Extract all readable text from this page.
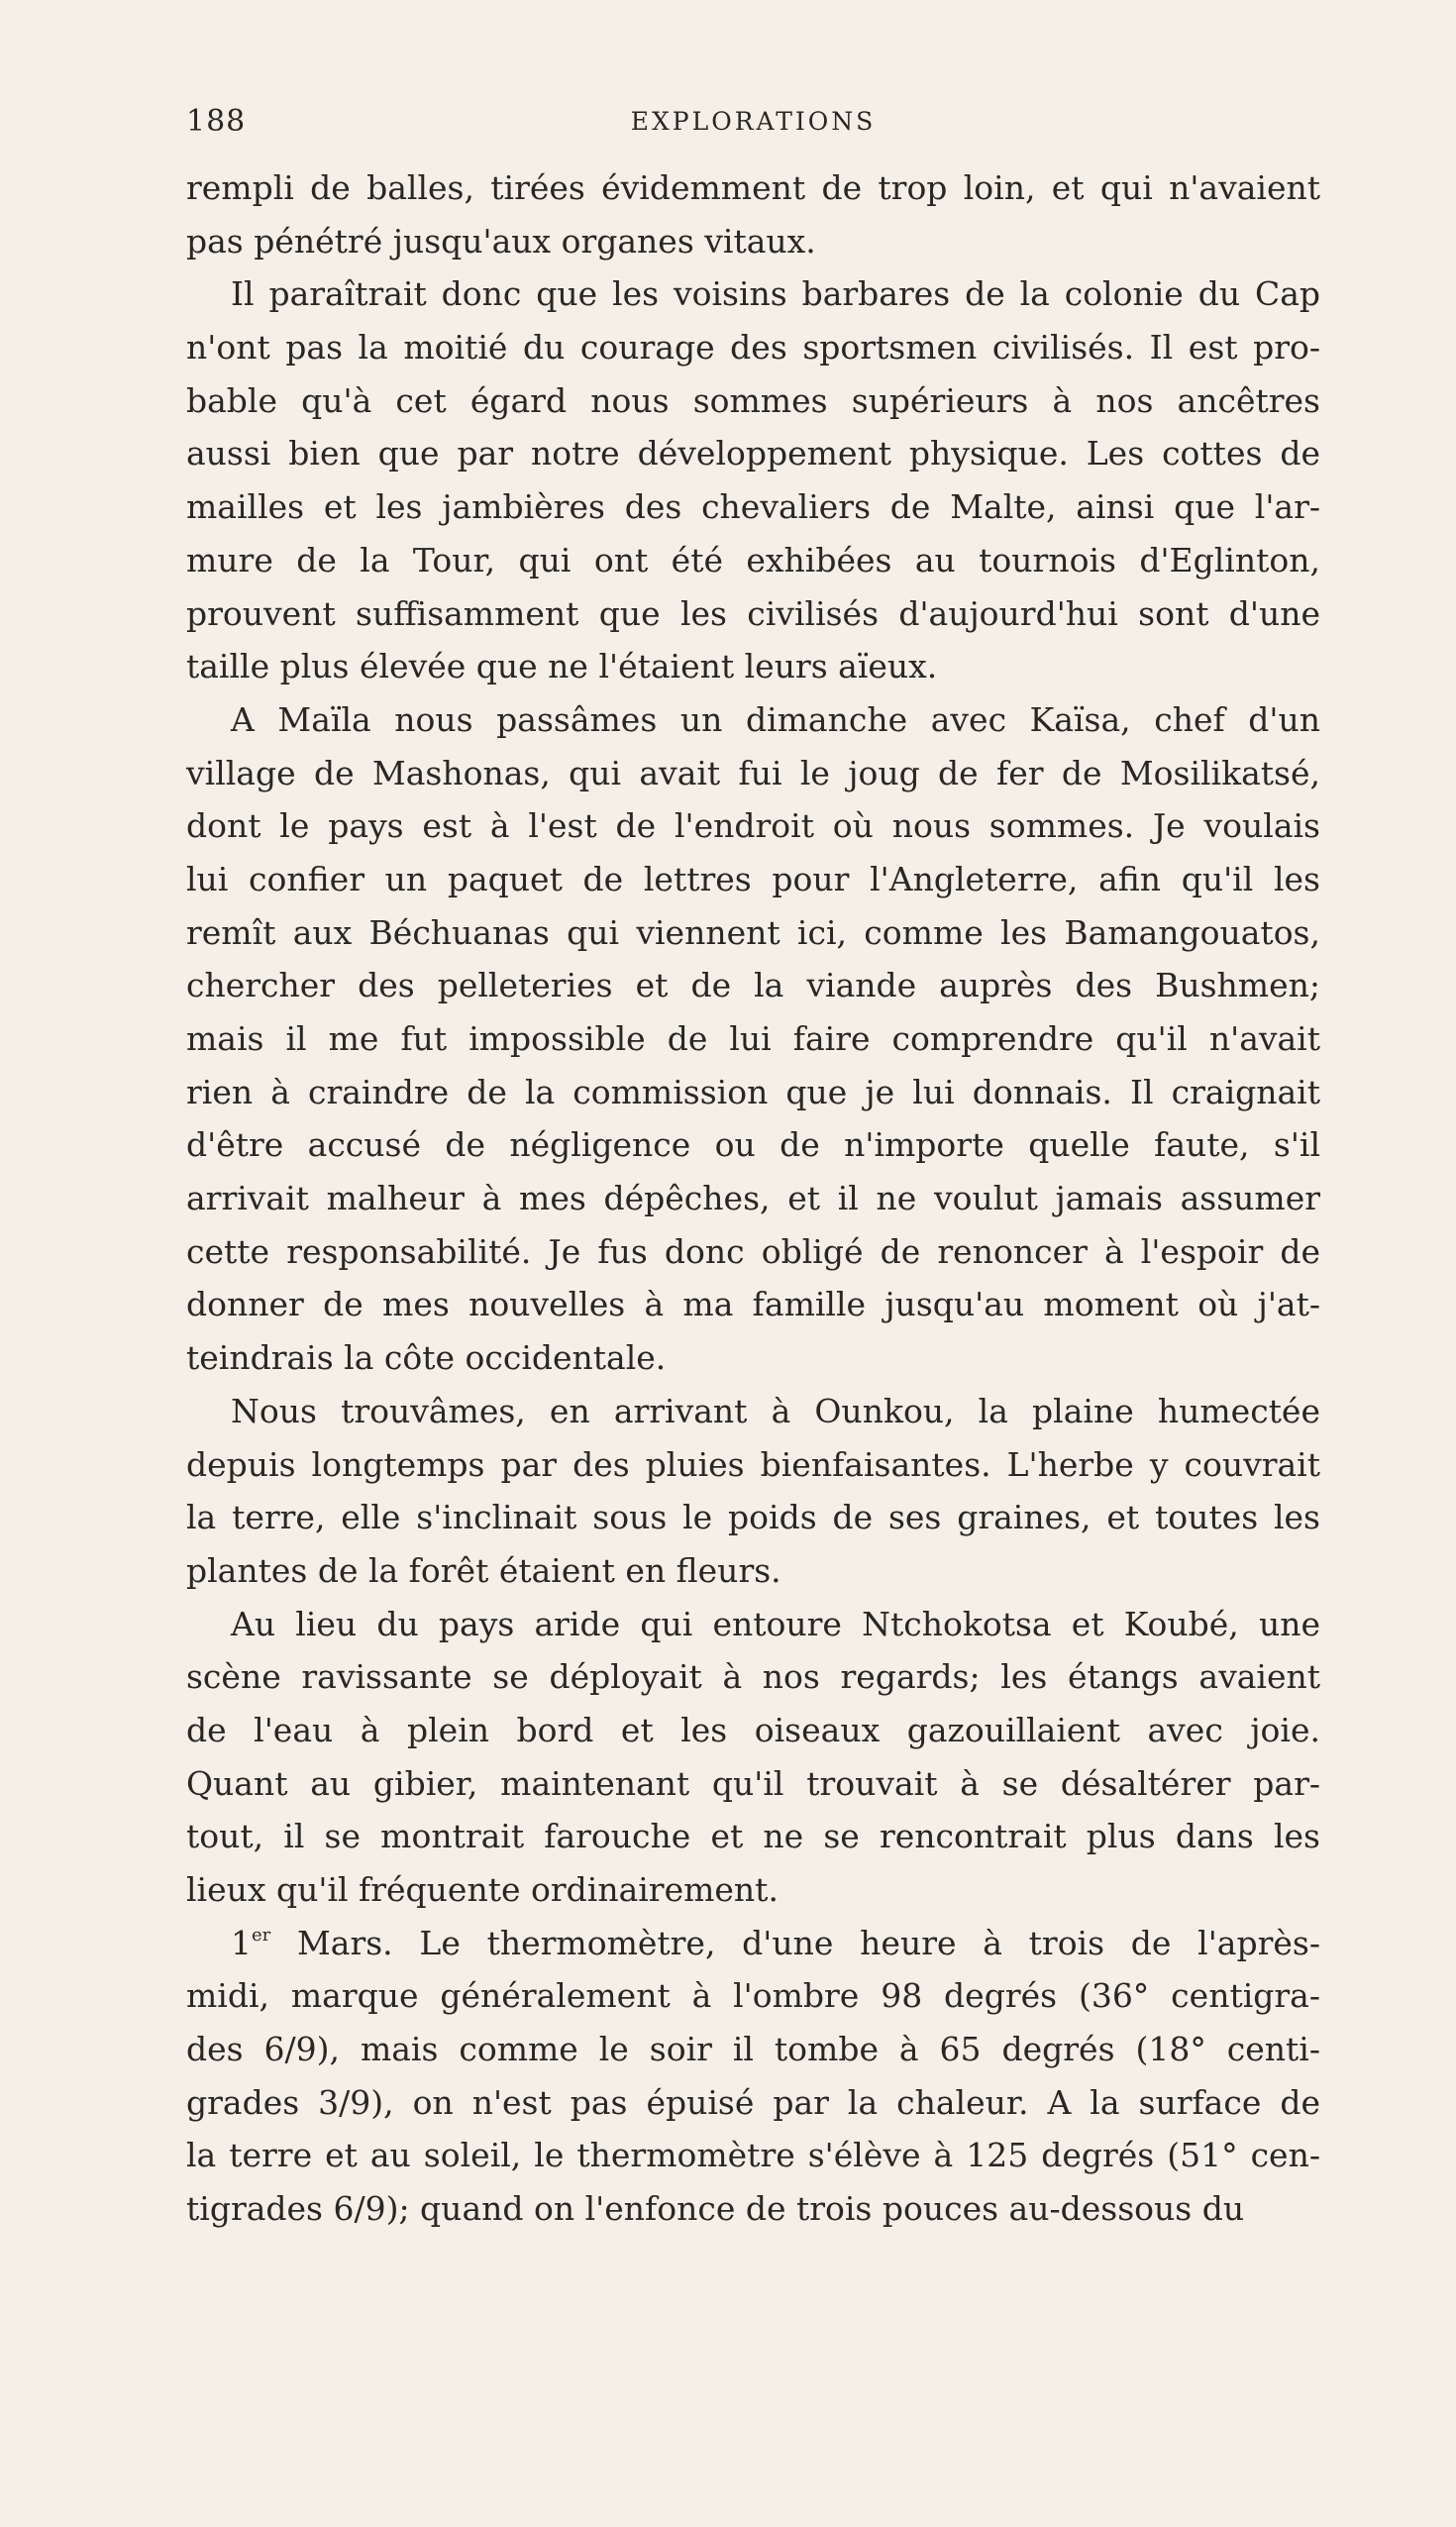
188	EXPLORATIONS
rempli de balles, tirées évidemment de trop loin, et qui n'avaient
pas pénétré jusqu'aux organes vitaux.
Il paraîtrait donc que les voisins barbares de la colonie du Cap
n'ont pas la moitié du courage des sportsmen civilisés. Il est pro-
bable qu'à cet égard nous sommes supérieurs à nos ancêtres
aussi bien que par notre développement physique. Les cottes de
mailles et les jambières des chevaliers de Malte, ainsi que l'ar-
mure de la Tour, qui ont été exhibées au tournois d'Eglinton,
prouvent suffisamment que les civilisés d'aujourd'hui sont d'une
taille plus élevée que ne l'étaient leurs aïeux.
A Maïla nous passâmes un dimanche avec Kaïsa, chef d'un
village de Mashonas, qui avait fui le joug de fer de Mosilikatsé,
dont le pays est à l'est de l'endroit où nous sommes. Je voulais
lui confier un paquet de lettres pour l'Angleterre, afin qu'il les
remît aux Béchuanas qui viennent ici, comme les Bamangouatos,
chercher des pelleteries et de la viande auprès des Bushmen;
mais il me fut impossible de lui faire comprendre qu'il n'avait
rien à craindre de la commission que je lui donnais. Il craignait
d'être accusé de négligence ou de n'importe quelle faute, s'il
arrivait malheur à mes dépêches, et il ne voulut jamais assumer
cette responsabilité. Je fus donc obligé de renoncer à l'espoir de
donner de mes nouvelles à ma famille jusqu'au moment où j'at-
teindrais la côte occidentale.
Nous trouvâmes, en arrivant à Ounkou, la plaine humectée
depuis longtemps par des pluies bienfaisantes. L'herbe y couvrait
la terre, elle s'inclinait sous le poids de ses graines, et toutes les
plantes de la forêt étaient en fleurs.
Au lieu du pays aride qui entoure Ntchokotsa et Koubé, une
scène ravissante se déployait à nos regards; les étangs avaient
de l'eau à plein bord et les oiseaux gazouillaient avec joie.
Quant au gibier, maintenant qu'il trouvait à se désaltérer par-
tout, il se montrait farouche et ne se rencontrait plus dans les
lieux qu'il fréquente ordinairement.
1er Mars. Le thermomètre, d'une heure à trois de l'après-
midi, marque généralement à l'ombre 98 degrés (36° centigra-
des 6/9), mais comme le soir il tombe à 65 degrés (18° centi-
grades 3/9), on n'est pas épuisé par la chaleur. A la surface de
la terre et au soleil, le thermomètre s'élève à 125 degrés (51° cen-
tigrades 6/9); quand on l'enfonce de trois pouces au-dessous du
